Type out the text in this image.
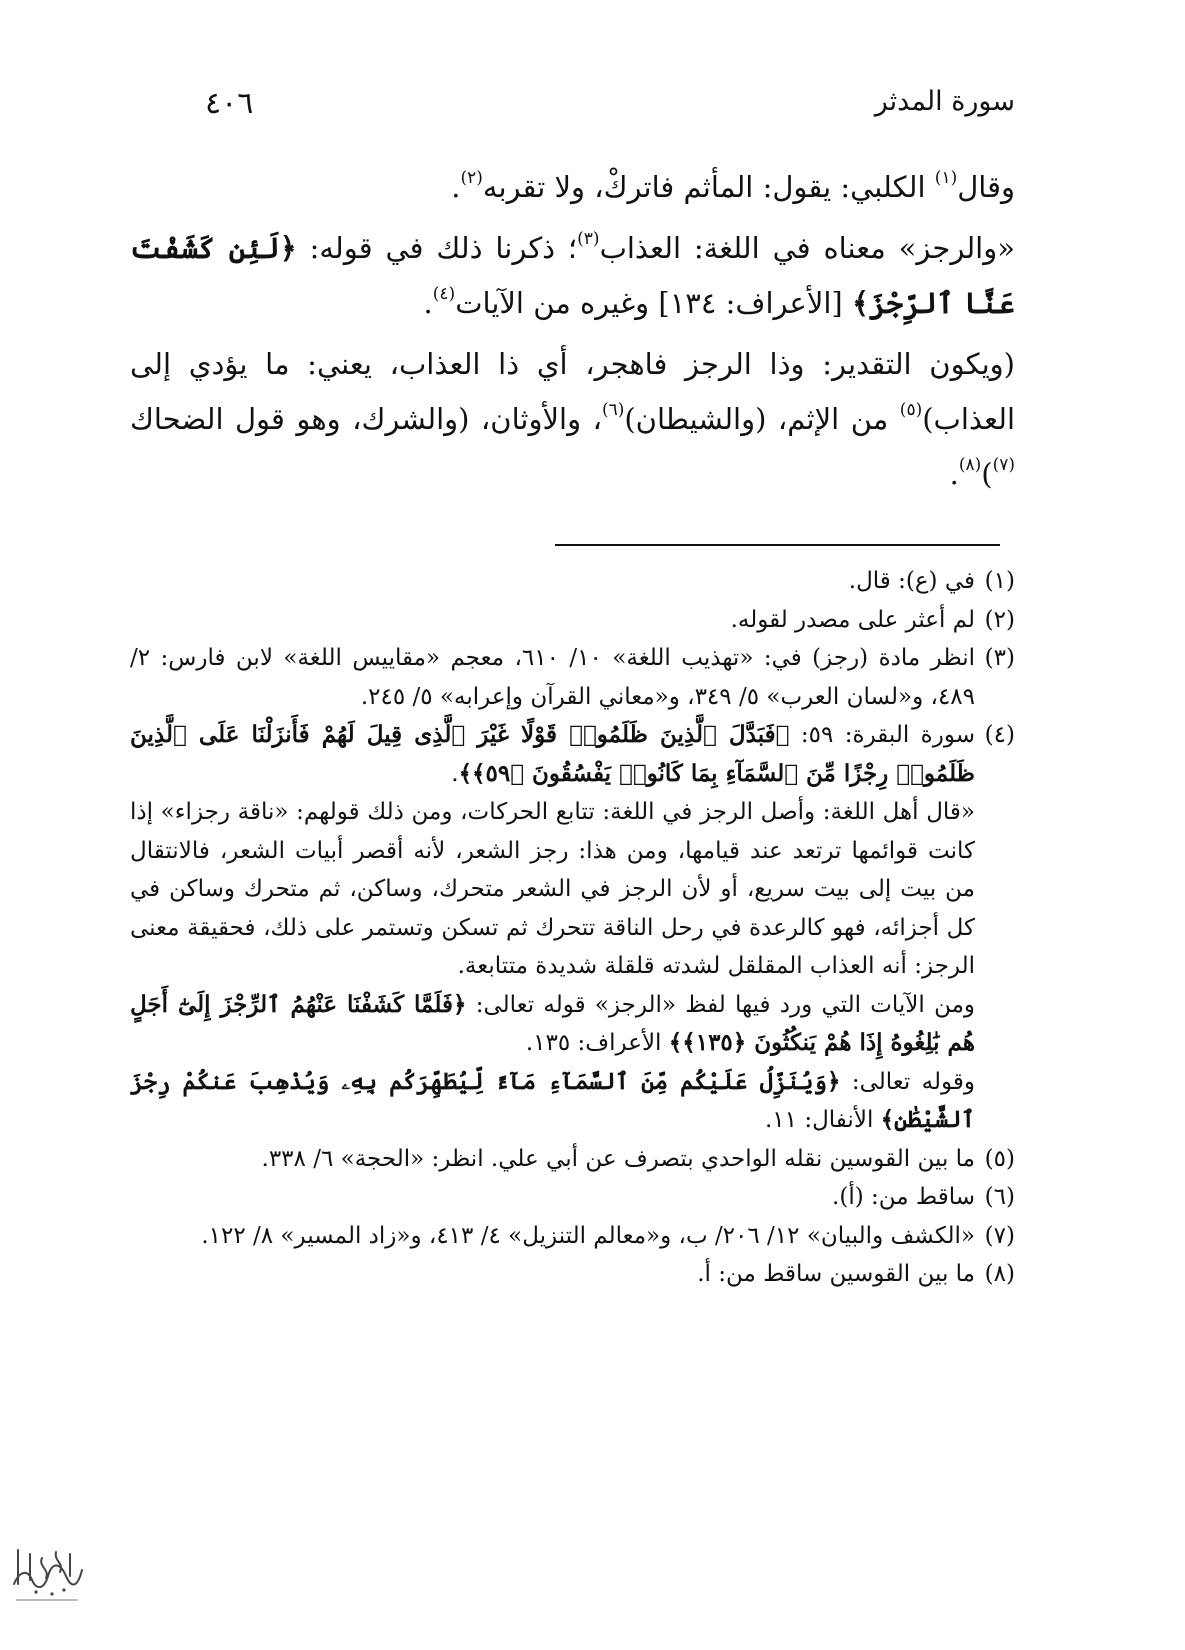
٤٠٦	سورة المدثر

وقال$^{(١)}$ الكلبي: يقول: المأثم فاتركْ، ولا تقربه$^{(٢)}$.

«والرجز» معناه في اللغة: العذاب$^{(٣)}$؛ ذكرنا ذلك في قوله: ﴿لَئِن كَشَفْتَ عَنَّا ٱلرِّجْزَ﴾ [الأعراف: ١٣٤] وغيره من الآيات$^{(٤)}$.

(ويكون التقدير: وذا الرجز فاهجر، أي ذا العذاب، يعني: ما يؤدي إلى العذاب)$^{(٥)}$ من الإثم، (والشيطان)$^{(٦)}$، والأوثان، (والشرك، وهو قول الضحاك $^{(٧)}$)$^{(٨)}$.

(١)
في (ع): قال.
(٢)
لم أعثر على مصدر لقوله.
(٣)
انظر مادة (رجز) في: «تهذيب اللغة» ١٠/ ٦١٠، معجم «مقاييس اللغة» لابن فارس: ٢/ ٤٨٩، و«لسان العرب» ٥/ ٣٤٩، و«معاني القرآن وإعرابه» ٥/ ٢٤٥.
(٤)

سورة البقرة: ٥٩: ﴿فَبَدَّلَ ٱلَّذِينَ ظَلَمُوا۟ قَوْلًا غَيْرَ ٱلَّذِى قِيلَ لَهُمْ فَأَنزَلْنَا عَلَى ٱلَّذِينَ ظَلَمُوا۟ رِجْزًا مِّنَ ٱلسَّمَآءِ بِمَا كَانُوا۟ يَفْسُقُونَ ﴿٥٩﴾﴾.

«قال أهل اللغة: وأصل الرجز في اللغة: تتابع الحركات، ومن ذلك قولهم: «ناقة رجزاء» إذا كانت قوائمها ترتعد عند قيامها، ومن هذا: رجز الشعر، لأنه أقصر أبيات الشعر، فالانتقال من بيت إلى بيت سريع، أو لأن الرجز في الشعر متحرك، وساكن، ثم متحرك وساكن في كل أجزائه، فهو كالرعدة في رحل الناقة تتحرك ثم تسكن وتستمر على ذلك، فحقيقة معنى الرجز: أنه العذاب المقلقل لشدته قلقلة شديدة متتابعة.

ومن الآيات التي ورد فيها لفظ «الرجز» قوله تعالى: ﴿فَلَمَّا كَشَفْنَا عَنْهُمُ ٱلرِّجْزَ إِلَىٰٓ أَجَلٍ هُم بَٰلِغُوهُ إِذَا هُمْ يَنكُثُونَ ﴿١٣٥﴾﴾ الأعراف: ١٣٥.

وقوله تعالى: ﴿وَيُنَزِّلُ عَلَيْكُم مِّنَ ٱلسَّمَآءِ مَآءً لِّيُطَهِّرَكُم بِهِۦ وَيُذْهِبَ عَنكُمْ رِجْزَ ٱلشَّيْطَٰنِ﴾ الأنفال: ١١.

(٥)
ما بين القوسين نقله الواحدي بتصرف عن أبي علي. انظر: «الحجة» ٦/ ٣٣٨.
(٦)
ساقط من: (أ).
(٧)
«الكشف والبيان» ١٢/ ٢٠٦/ ب، و«معالم التنزيل» ٤/ ٤١٣، و«زاد المسير» ٨/ ١٢٢.
(٨)
ما بين القوسين ساقط من: أ.
